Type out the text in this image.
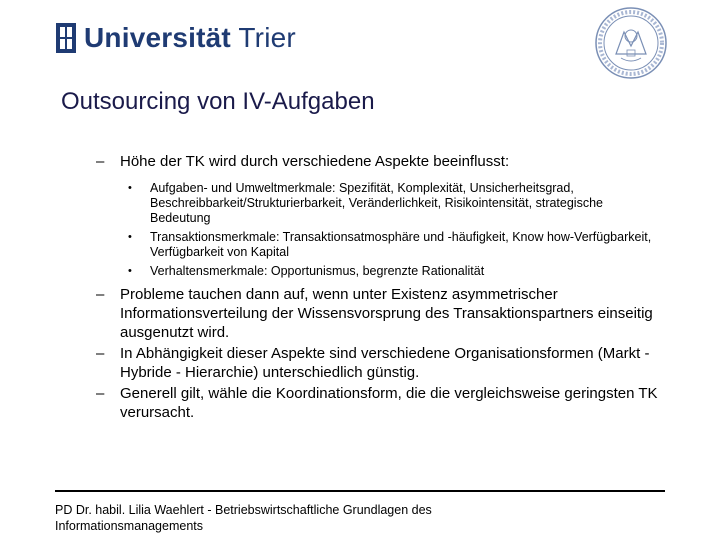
Universität Trier
Outsourcing von IV-Aufgaben
– Höhe der TK wird durch verschiedene Aspekte beeinflusst:
• Aufgaben- und Umweltmerkmale: Spezifität, Komplexität, Unsicherheitsgrad, Beschreibbarkeit/Strukturierbarkeit, Veränderlichkeit, Risikointensität, strategische Bedeutung
• Transaktionsmerkmale: Transaktionsatmosphäre und -häufigkeit, Know how-Verfügbarkeit, Verfügbarkeit von Kapital
• Verhaltensmerkmale: Opportunismus, begrenzte Rationalität
– Probleme tauchen dann auf, wenn unter Existenz asymmetrischer Informationsverteilung der Wissensvorsprung des Transaktionspartners einseitig ausgenutzt wird.
– In Abhängigkeit dieser Aspekte sind verschiedene Organisationsformen (Markt - Hybride - Hierarchie) unterschiedlich günstig.
– Generell gilt, wähle die Koordinationsform, die die vergleichsweise geringsten TK verursacht.
PD Dr. habil. Lilia Waehlert - Betriebswirtschaftliche Grundlagen des Informationsmanagements
